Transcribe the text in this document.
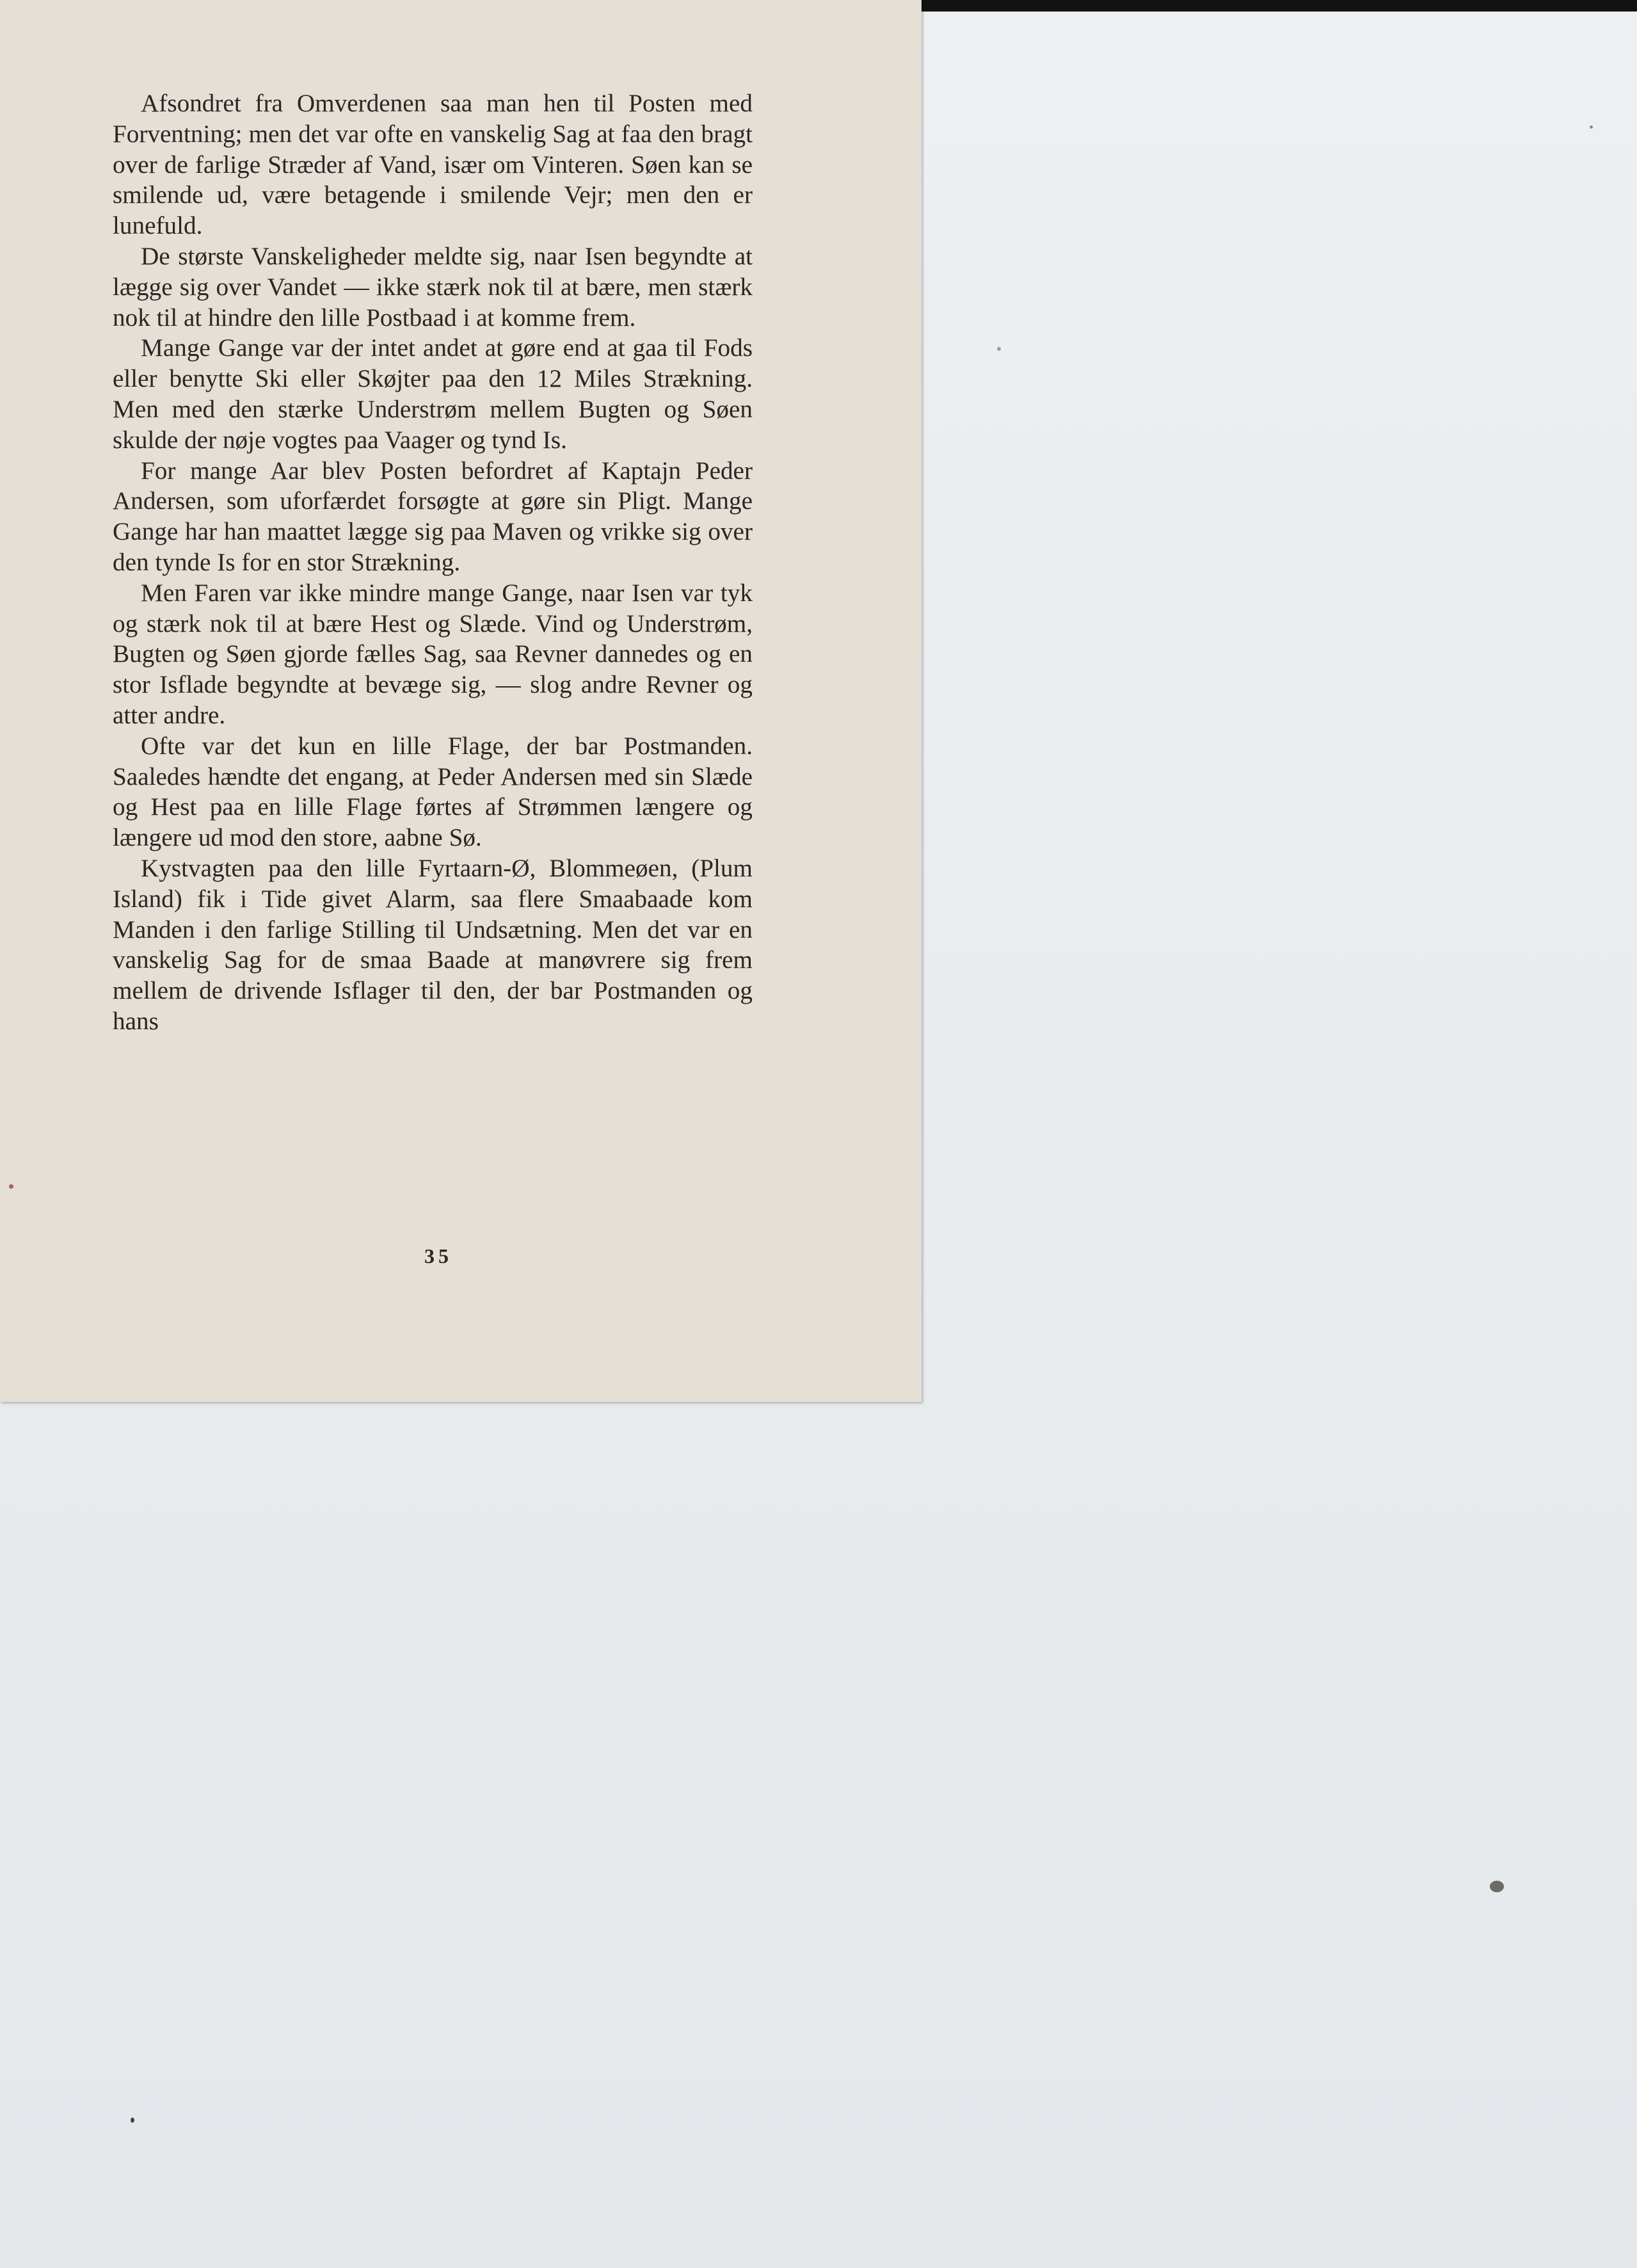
Afsondret fra Omverdenen saa man hen til Posten med Forventning; men det var ofte en vanskelig Sag at faa den bragt over de farlige Stræder af Vand, især om Vinteren. Søen kan se smilende ud, være betagende i smilende Vejr; men den er lunefuld.

De største Vanskeligheder meldte sig, naar Isen begyndte at lægge sig over Vandet — ikke stærk nok til at bære, men stærk nok til at hindre den lille Postbaad i at komme frem.

Mange Gange var der intet andet at gøre end at gaa til Fods eller benytte Ski eller Skøjter paa den 12 Miles Strækning. Men med den stærke Understrøm mellem Bugten og Søen skulde der nøje vogtes paa Vaager og tynd Is.

For mange Aar blev Posten befordret af Kaptajn Peder Andersen, som uforfærdet forsøgte at gøre sin Pligt. Mange Gange har han maattet lægge sig paa Maven og vrikke sig over den tynde Is for en stor Strækning.

Men Faren var ikke mindre mange Gange, naar Isen var tyk og stærk nok til at bære Hest og Slæde. Vind og Understrøm, Bugten og Søen gjorde fælles Sag, saa Revner dannedes og en stor Isflade begyndte at bevæge sig, — slog andre Revner og atter andre.

Ofte var det kun en lille Flage, der bar Postmanden. Saaledes hændte det engang, at Peder Andersen med sin Slæde og Hest paa en lille Flage førtes af Strømmen længere og længere ud mod den store, aabne Sø.

Kystvagten paa den lille Fyrtaarn-Ø, Blommeøen, (Plum Island) fik i Tide givet Alarm, saa flere Smaabaade kom Manden i den farlige Stilling til Undsætning. Men det var en vanskelig Sag for de smaa Baade at manøvrere sig frem mellem de drivende Isflager til den, der bar Postmanden og hans

35
